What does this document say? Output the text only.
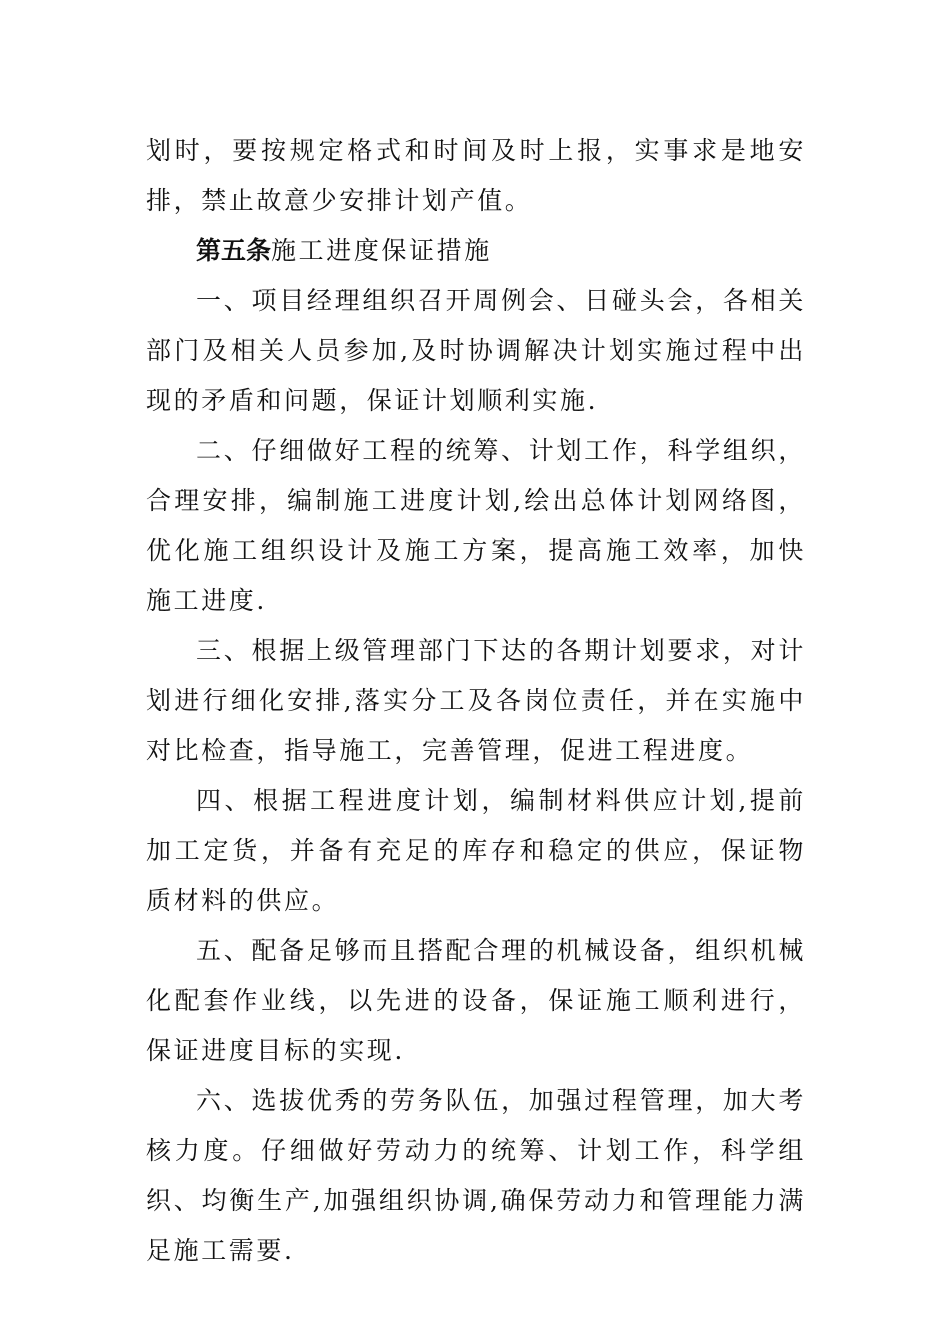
划时，要按规定格式和时间及时上报，实事求是地安排，禁止故意少安排计划产值。

第五条施工进度保证措施

一、项目经理组织召开周例会、日碰头会，各相关部门及相关人员参加,及时协调解决计划实施过程中出现的矛盾和问题，保证计划顺利实施.

二、仔细做好工程的统筹、计划工作，科学组织，合理安排，编制施工进度计划,绘出总体计划网络图，优化施工组织设计及施工方案，提高施工效率，加快施工进度.

三、根据上级管理部门下达的各期计划要求，对计划进行细化安排,落实分工及各岗位责任，并在实施中对比检查，指导施工，完善管理，促进工程进度。

四、根据工程进度计划，编制材料供应计划,提前加工定货，并备有充足的库存和稳定的供应，保证物质材料的供应。

五、配备足够而且搭配合理的机械设备，组织机械化配套作业线，以先进的设备，保证施工顺利进行，保证进度目标的实现.

六、选拔优秀的劳务队伍，加强过程管理，加大考核力度。仔细做好劳动力的统筹、计划工作，科学组织、均衡生产,加强组织协调,确保劳动力和管理能力满足施工需要.
